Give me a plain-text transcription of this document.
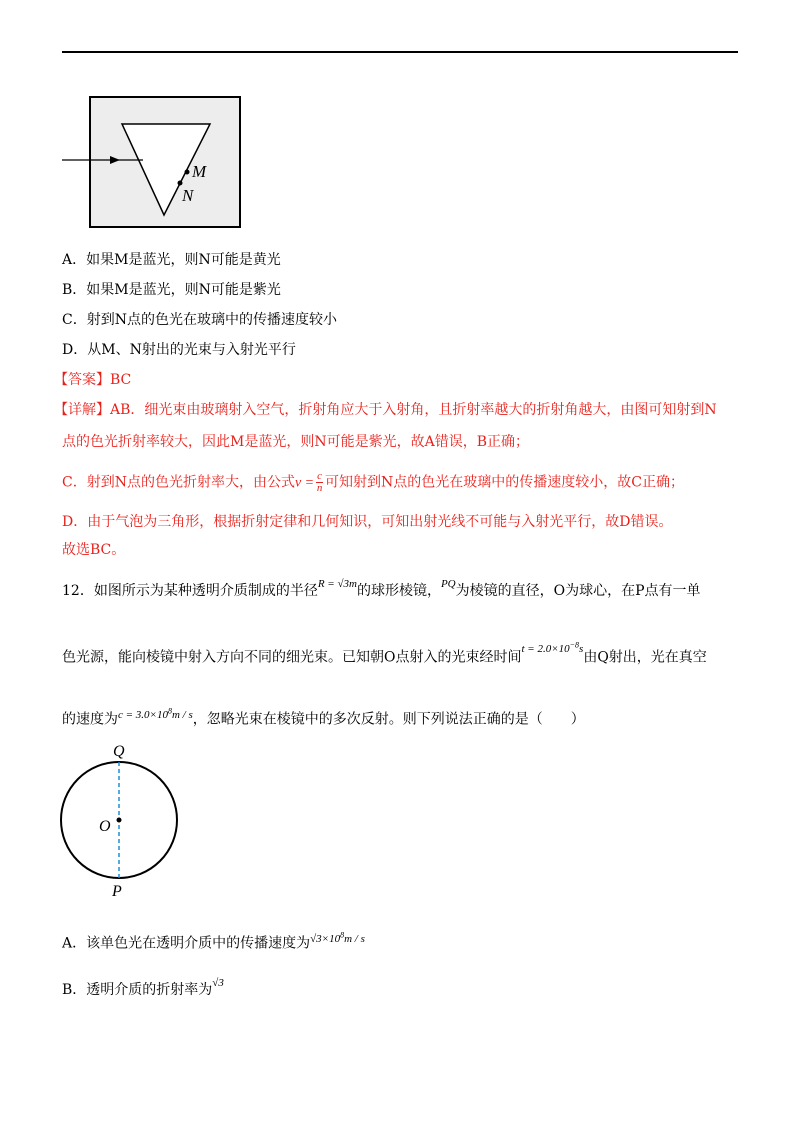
M
N
A．如果M是蓝光，则N可能是黄光
B．如果M是蓝光，则N可能是紫光
C．射到N点的色光在玻璃中的传播速度较小
D．从M、N射出的光束与入射光平行
【答案】BC
【详解】AB．细光束由玻璃射入空气，折射角应大于入射角，且折射率越大的折射角越大，由图可知射到N
点的色光折射率较大，因此M是蓝光，则N可能是紫光，故A错误，B正确；
C．射到N点的色光折射率大，由公式$v = \frac{c}{n}$ 可知射到N点的色光在玻璃中的传播速度较小，故C正确；
D．由于气泡为三角形，根据折射定律和几何知识，可知出射光线不可能与入射光平行，故D错误。
故选BC。
12．如图所示为某种透明介质制成的半径$^{R = √3m}$的球形棱镜，$^{PQ}$为棱镜的直径，O为球心，在P点有一单
色光源，能向棱镜中射入方向不同的细光束。已知朝O点射入的光束经时间$^{t = 2.0\times 10^{-8}s}$由Q射出，光在真空
的速度为$^{c = 3.0\times 10^8m / s}$，忽略光束在棱镜中的多次反射。则下列说法正确的是（　　）
Q
O
P
A．该单色光在透明介质中的传播速度为$^{√3\times 10^8m / s}$
B．透明介质的折射率为$^{√3}$
